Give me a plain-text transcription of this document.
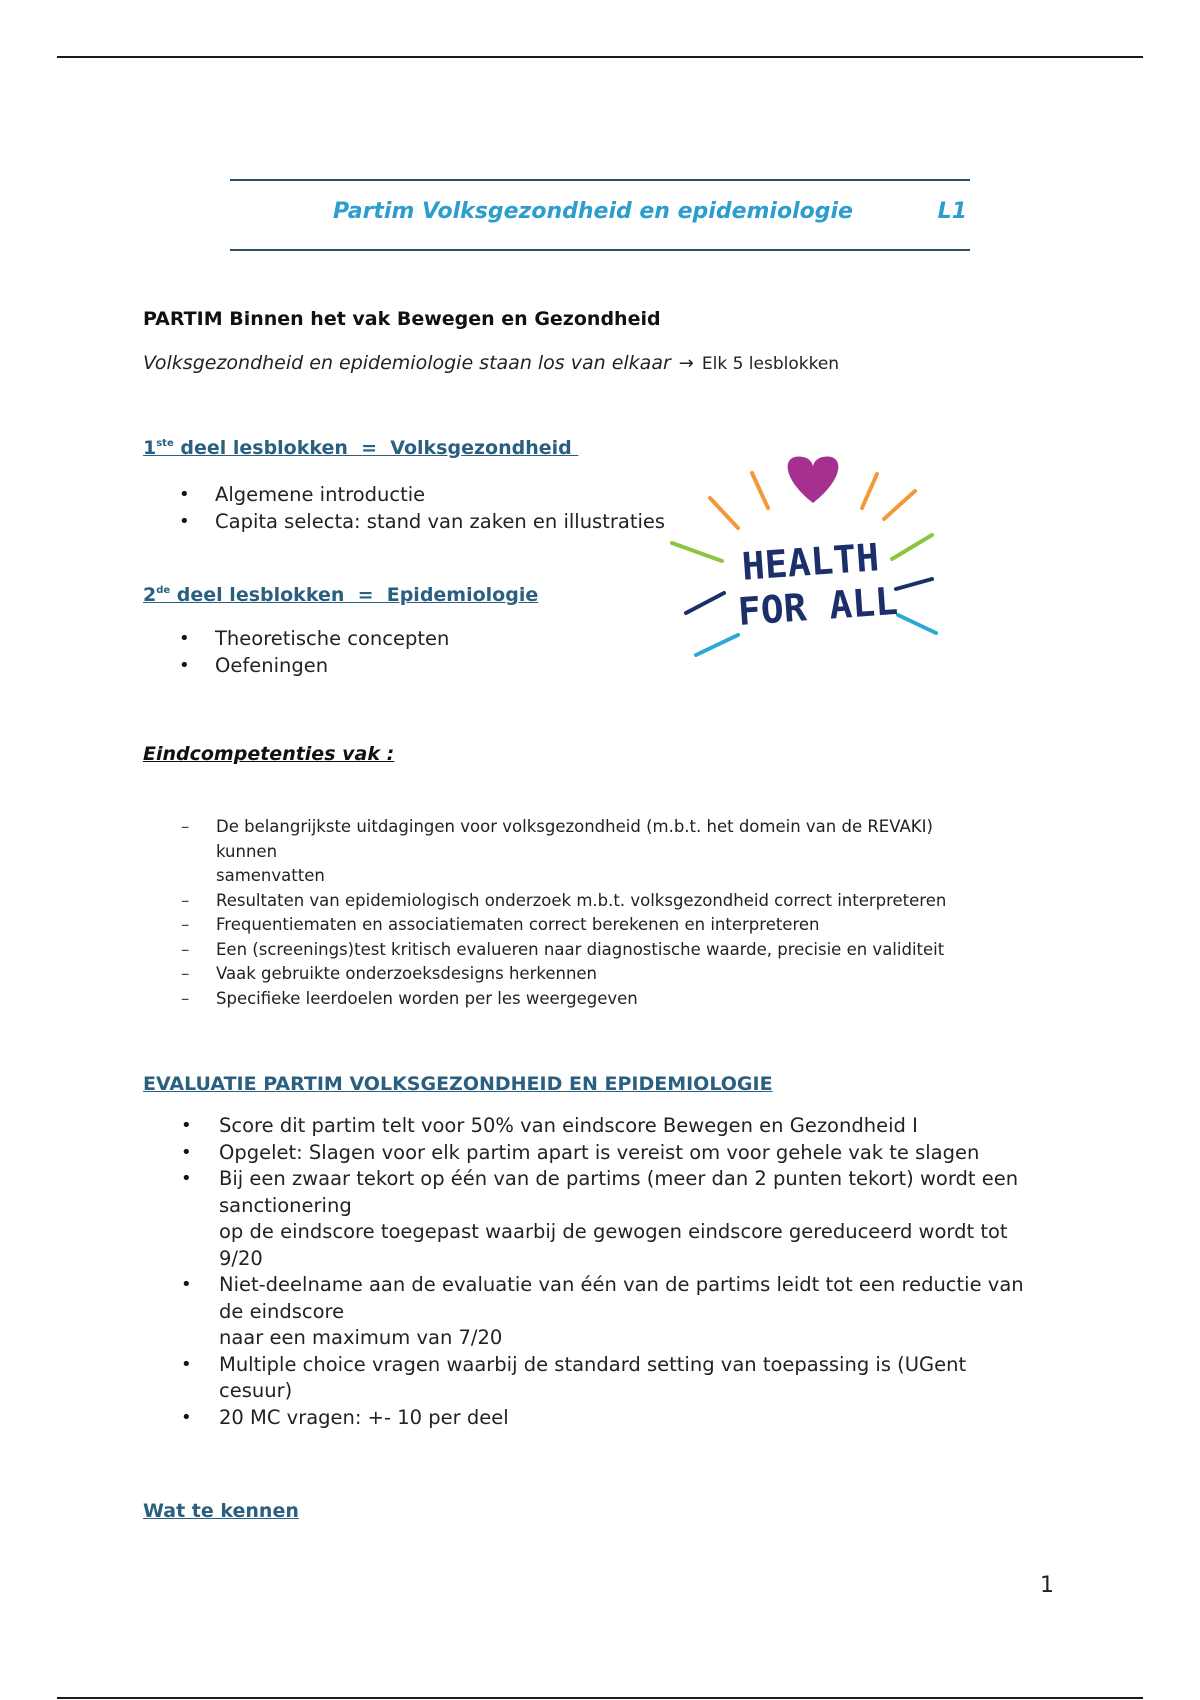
Partim Volksgezondheid en epidemiologie	L1
PARTIM Binnen het vak Bewegen en Gezondheid
Volksgezondheid en epidemiologie staan los van elkaar → Elk 5 lesblokken
1ste deel lesblokken  =  Volksgezondheid
• Algemene introductie
• Capita selecta: stand van zaken en illustraties
2de deel lesblokken  =  Epidemiologie
• Theoretische concepten
• Oefeningen
HEALTH
FOR ALL
Eindcompetenties vak :
– De belangrijkste uitdagingen voor volksgezondheid (m.b.t. het domein van de REVAKI)
kunnen
samenvatten
– Resultaten van epidemiologisch onderzoek m.b.t. volksgezondheid correct interpreteren
– Frequentiematen en associatiematen correct berekenen en interpreteren
– Een (screenings)test kritisch evalueren naar diagnostische waarde, precisie en validiteit
– Vaak gebruikte onderzoeksdesigns herkennen
– Specifieke leerdoelen worden per les weergegeven
EVALUATIE PARTIM VOLKSGEZONDHEID EN EPIDEMIOLOGIE
• Score dit partim telt voor 50% van eindscore Bewegen en Gezondheid I
• Opgelet: Slagen voor elk partim apart is vereist om voor gehele vak te slagen
• Bij een zwaar tekort op één van de partims (meer dan 2 punten tekort) wordt een
sanctionering
op de eindscore toegepast waarbij de gewogen eindscore gereduceerd wordt tot
9/20
• Niet-deelname aan de evaluatie van één van de partims leidt tot een reductie van
de eindscore
naar een maximum van 7/20
• Multiple choice vragen waarbij de standard setting van toepassing is (UGent
cesuur)
• 20 MC vragen: +- 10 per deel
Wat te kennen
1
